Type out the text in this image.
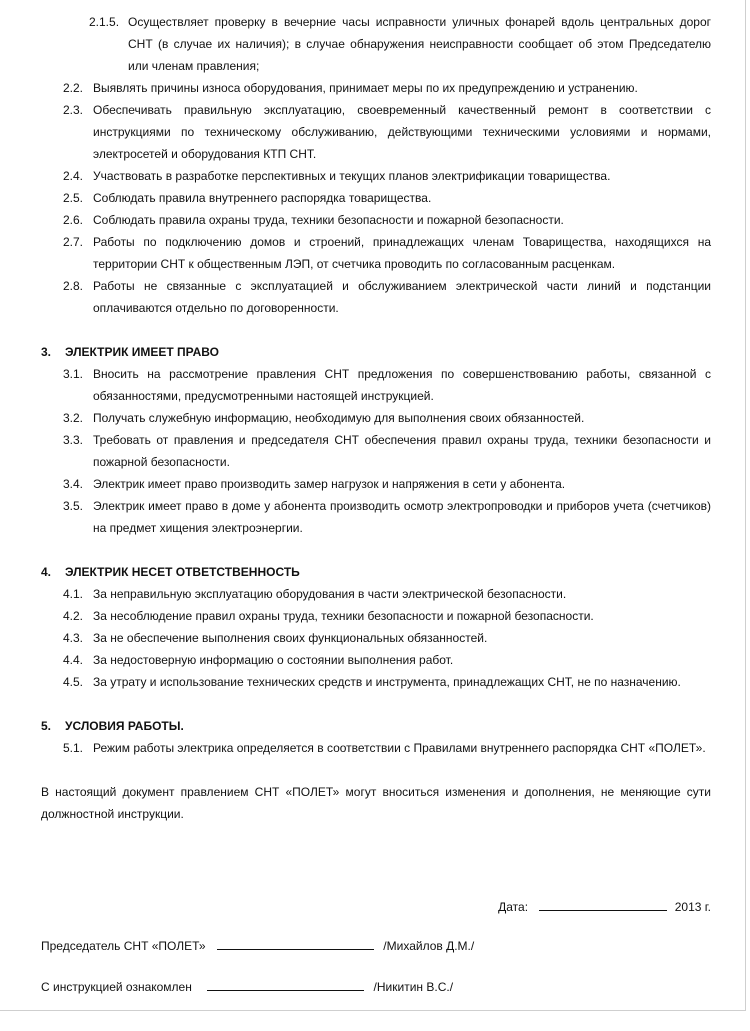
2.1.5. Осуществляет проверку в вечерние часы исправности уличных фонарей вдоль центральных дорог СНТ (в случае их наличия); в случае обнаружения неисправности сообщает об этом Председателю или членам правления;
2.2. Выявлять причины износа оборудования, принимает меры по их предупреждению и устранению.
2.3. Обеспечивать правильную эксплуатацию, своевременный качественный ремонт в соответствии с инструкциями по техническому обслуживанию, действующими техническими условиями и нормами, электросетей и оборудования КТП СНТ.
2.4. Участвовать в разработке перспективных и текущих планов электрификации товарищества.
2.5. Соблюдать правила внутреннего распорядка товарищества.
2.6. Соблюдать правила охраны труда, техники безопасности и пожарной безопасности.
2.7. Работы по подключению домов и строений, принадлежащих членам Товарищества, находящихся на территории СНТ к общественным ЛЭП, от счетчика проводить по согласованным расценкам.
2.8. Работы не связанные с эксплуатацией и обслуживанием электрической части линий и подстанции оплачиваются отдельно по договоренности.
3.	ЭЛЕКТРИК ИМЕЕТ ПРАВО
3.1. Вносить на рассмотрение правления СНТ предложения по совершенствованию работы, связанной с обязанностями, предусмотренными настоящей инструкцией.
3.2. Получать служебную информацию, необходимую для выполнения своих обязанностей.
3.3. Требовать от правления и председателя СНТ обеспечения правил охраны труда, техники безопасности и пожарной безопасности.
3.4. Электрик имеет право производить замер нагрузок и напряжения в сети у абонента.
3.5. Электрик имеет право в доме у абонента производить осмотр электропроводки и приборов учета (счетчиков) на предмет хищения электроэнергии.
4.	ЭЛЕКТРИК НЕСЕТ ОТВЕТСТВЕННОСТЬ
4.1. За неправильную эксплуатацию оборудования в части электрической безопасности.
4.2. За несоблюдение правил охраны труда, техники безопасности и пожарной безопасности.
4.3. За не обеспечение выполнения своих функциональных обязанностей.
4.4. За недостоверную информацию о состоянии выполнения работ.
4.5. За утрату и использование технических средств и инструмента, принадлежащих СНТ, не по назначению.
5.	УСЛОВИЯ РАБОТЫ.
5.1. Режим работы электрика определяется в соответствии с Правилами внутреннего распорядка СНТ «ПОЛЕТ».
В настоящий документ правлением СНТ «ПОЛЕТ» могут вноситься изменения и дополнения, не меняющие сути должностной инструкции.
Дата:	2013 г.
Председатель СНТ «ПОЛЕТ»	/Михайлов Д.М./
С инструкцией ознакомлен	/Никитин В.С./
